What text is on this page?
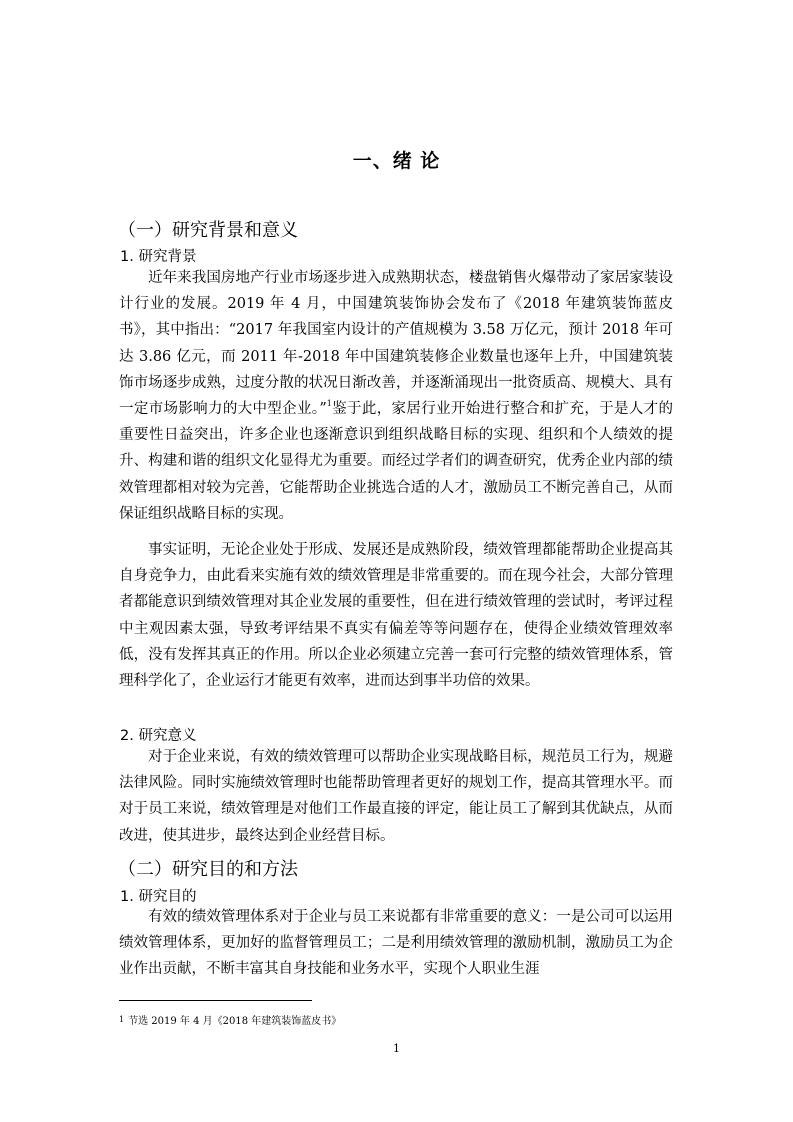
一、绪 论
（一）研究背景和意义
1. 研究背景
近年来我国房地产行业市场逐步进入成熟期状态，楼盘销售火爆带动了家居家装设计行业的发展。2019 年 4 月，中国建筑装饰协会发布了《2018 年建筑装饰蓝皮书》，其中指出：“2017 年我国室内设计的产值规模为 3.58 万亿元，预计 2018 年可达 3.86 亿元，而 2011 年-2018 年中国建筑装修企业数量也逐年上升，中国建筑装饰市场逐步成熟，过度分散的状况日渐改善，并逐渐涌现出一批资质高、规模大、具有一定市场影响力的大中型企业。”$^1$鉴于此，家居行业开始进行整合和扩充，于是人才的重要性日益突出，许多企业也逐渐意识到组织战略目标的实现、组织和个人绩效的提升、构建和谐的组织文化显得尤为重要。而经过学者们的调查研究，优秀企业内部的绩效管理都相对较为完善，它能帮助企业挑选合适的人才，激励员工不断完善自己，从而保证组织战略目标的实现。
事实证明，无论企业处于形成、发展还是成熟阶段，绩效管理都能帮助企业提高其自身竞争力，由此看来实施有效的绩效管理是非常重要的。而在现今社会，大部分管理者都能意识到绩效管理对其企业发展的重要性，但在进行绩效管理的尝试时，考评过程中主观因素太强，导致考评结果不真实有偏差等等问题存在，使得企业绩效管理效率低，没有发挥其真正的作用。所以企业必须建立完善一套可行完整的绩效管理体系，管理科学化了，企业运行才能更有效率，进而达到事半功倍的效果。
2. 研究意义
对于企业来说，有效的绩效管理可以帮助企业实现战略目标，规范员工行为，规避法律风险。同时实施绩效管理时也能帮助管理者更好的规划工作，提高其管理水平。而对于员工来说，绩效管理是对他们工作最直接的评定，能让员工了解到其优缺点，从而改进，使其进步，最终达到企业经营目标。
（二）研究目的和方法
1. 研究目的
有效的绩效管理体系对于企业与员工来说都有非常重要的意义：一是公司可以运用绩效管理体系，更加好的监督管理员工；二是利用绩效管理的激励机制，激励员工为企业作出贡献，不断丰富其自身技能和业务水平，实现个人职业生涯
$^1$ 节选 2019 年 4 月《2018 年建筑装饰蓝皮书》
1
